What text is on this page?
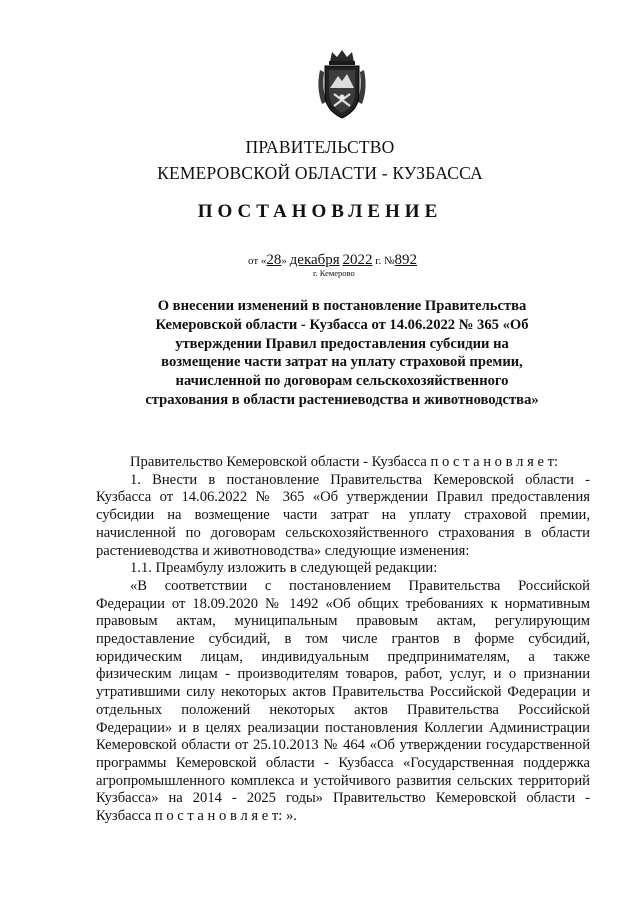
ПРАВИТЕЛЬСТВО
КЕМЕРОВСКОЙ ОБЛАСТИ - КУЗБАССА
ПОСТАНОВЛЕНИЕ
от «28» декабря 2022 г. №892
г. Кемерово
О внесении изменений в постановление Правительства Кемеровской области - Кузбасса от 14.06.2022 № 365 «Об утверждении Правил предоставления субсидии на возмещение части затрат на уплату страховой премии, начисленной по договорам сельскохозяйственного страхования в области растениеводства и животноводства»

Правительство Кемеровской области - Кузбасса п о с т а н о в л я е т:

1. Внести в постановление Правительства Кемеровской области - Кузбасса от 14.06.2022 № 365 «Об утверждении Правил предоставления субсидии на возмещение части затрат на уплату страховой премии, начисленной по договорам сельскохозяйственного страхования в области растениеводства и животноводства» следующие изменения:

1.1. Преамбулу изложить в следующей редакции:

«В соответствии с постановлением Правительства Российской Федерации от 18.09.2020 № 1492 «Об общих требованиях к нормативным правовым актам, муниципальным правовым актам, регулирующим предоставление субсидий, в том числе грантов в форме субсидий, юридическим лицам, индивидуальным предпринимателям, а также физическим лицам - производителям товаров, работ, услуг, и о признании утратившими силу некоторых актов Правительства Российской Федерации и отдельных положений некоторых актов Правительства Российской Федерации» и в целях реализации постановления Коллегии Администрации Кемеровской области от 25.10.2013 № 464 «Об утверждении государственной программы Кемеровской области - Кузбасса «Государственная поддержка агропромышленного комплекса и устойчивого развития сельских территорий Кузбасса» на 2014 - 2025 годы» Правительство Кемеровской области - Кузбасса п о с т а н о в л я е т: ».
